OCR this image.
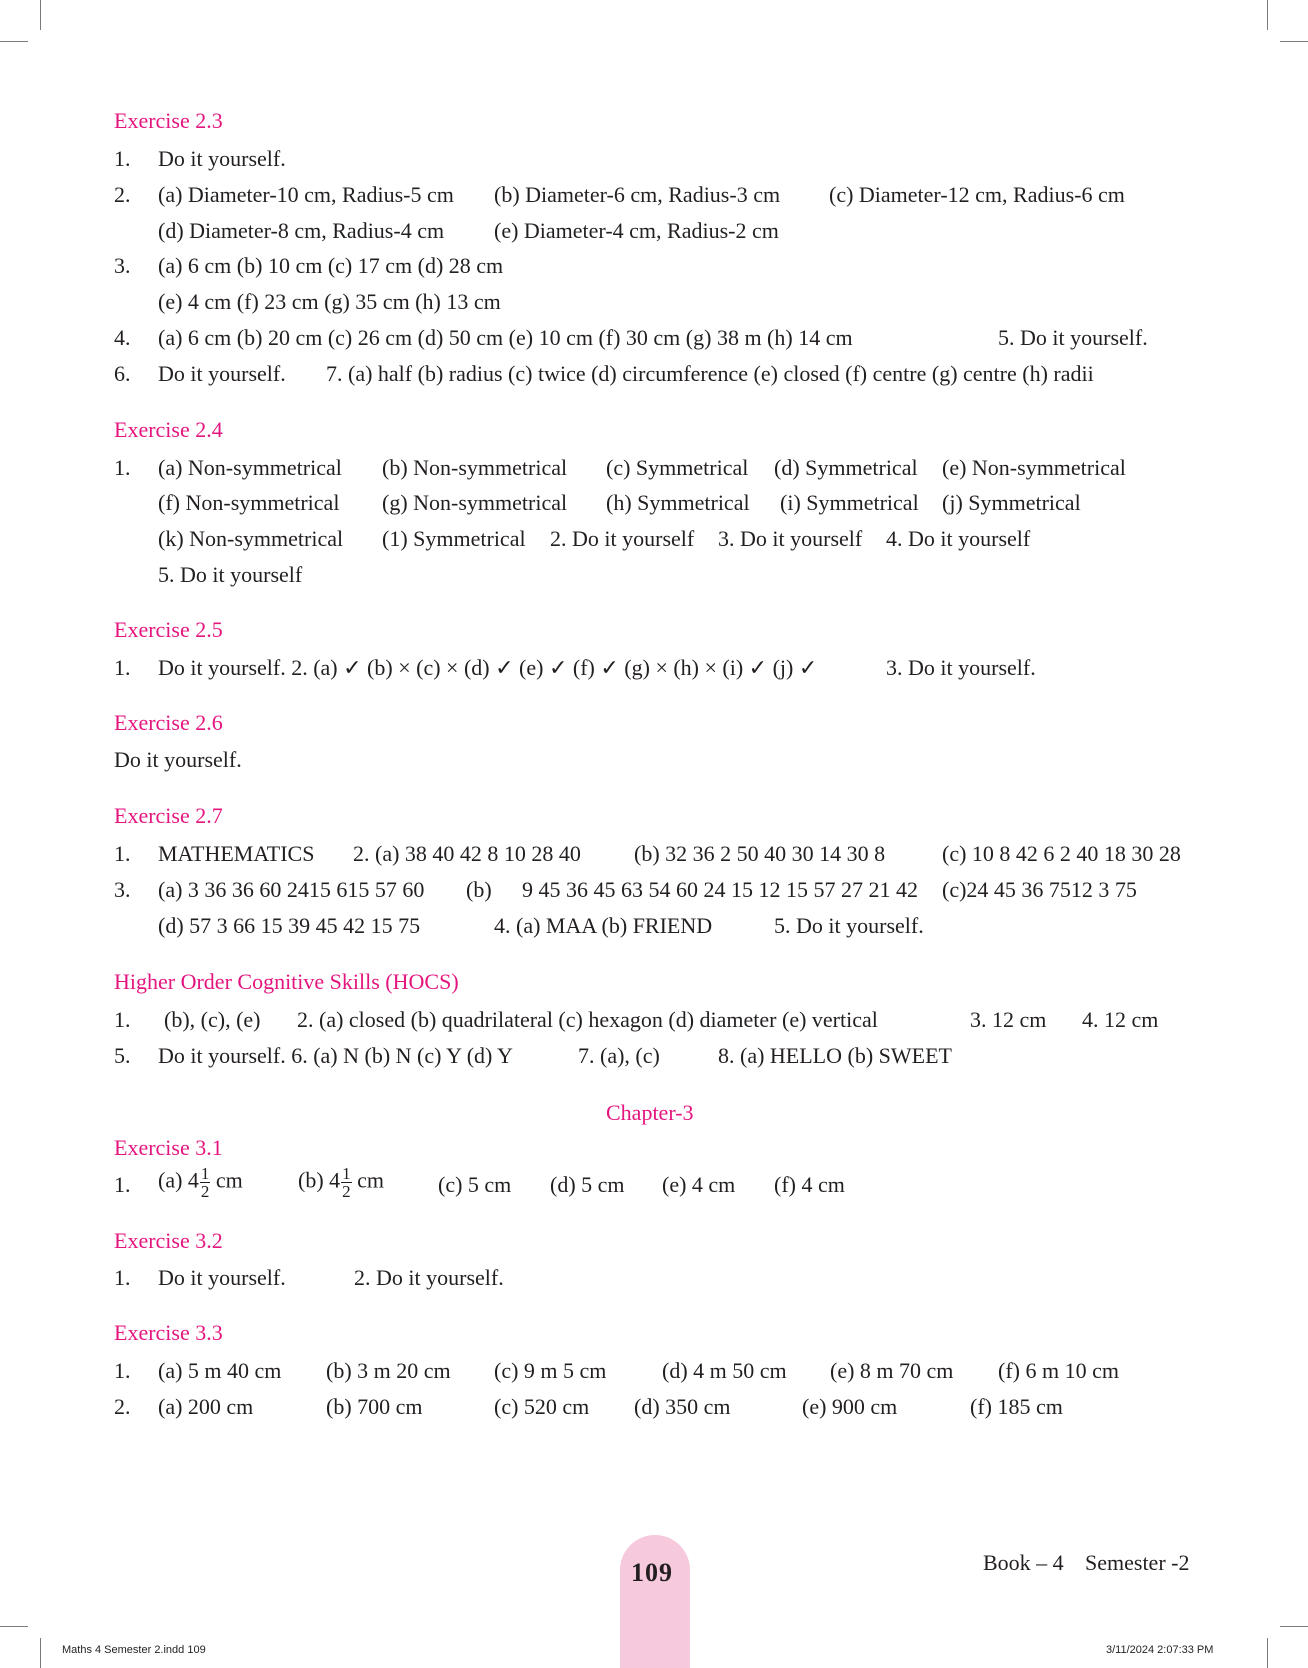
Exercise 2.3
1. Do it yourself.
2. (a) Diameter-10 cm, Radius-5 cm (b) Diameter-6 cm, Radius-3 cm (c) Diameter-12 cm, Radius-6 cm
(d) Diameter-8 cm, Radius-4 cm (e) Diameter-4 cm, Radius-2 cm
3. (a) 6 cm (b) 10 cm (c) 17 cm (d) 28 cm
(e) 4 cm (f) 23 cm (g) 35 cm (h) 13 cm
4. (a) 6 cm (b) 20 cm (c) 26 cm (d) 50 cm (e) 10 cm (f) 30 cm (g) 38 m (h) 14 cm	5. Do it yourself.
6. Do it yourself. 7. (a) half (b) radius (c) twice (d) circumference (e) closed (f) centre (g) centre (h) radii
Exercise 2.4
1. (a) Non-symmetrical (b) Non-symmetrical (c) Symmetrical (d) Symmetrical (e) Non-symmetrical
(f) Non-symmetrical (g) Non-symmetrical (h) Symmetrical (i) Symmetrical (j) Symmetrical
(k) Non-symmetrical (1) Symmetrical 2. Do it yourself 3. Do it yourself 4. Do it yourself
5. Do it yourself
Exercise 2.5
1. Do it yourself. 2. (a) ✓ (b) × (c) × (d) ✓ (e) ✓ (f) ✓ (g) × (h) × (i) ✓ (j) ✓	3. Do it yourself.
Exercise 2.6
Do it yourself.
Exercise 2.7
1. MATHEMATICS 2. (a) 38 40 42 8 10 28 40 (b) 32 36 2 50 40 30 14 30 8	(c) 10 8 42 6 2 40 18 30 28
3. (a) 3 36 36 60 2415 615 57 60 (b) 9 45 36 45 63 54 60 24 15 12 15 57 27 21 42 (c)24 45 36 7512 3 75
(d) 57 3 66 15 39 45 42 15 75	4. (a) MAA (b) FRIEND	5. Do it yourself.
Higher Order Cognitive Skills (HOCS)
1. (b), (c), (e) 2. (a) closed (b) quadrilateral (c) hexagon (d) diameter (e) vertical	3. 12 cm 4. 12 cm
5. Do it yourself. 6. (a) N (b) N (c) Y (d) Y	7. (a), (c)	8. (a) HELLO (b) SWEET
Chapter-3
Exercise 3.1
1. (a) $4 \frac{1}{2}$ cm	(b) $4 \frac{1}{2}$ cm (c) 5 cm (d) 5 cm (e) 4 cm (f) 4 cm
Exercise 3.2
1. Do it yourself.	2. Do it yourself.
Exercise 3.3
1. (a) 5 m 40 cm (b) 3 m 20 cm (c) 9 m 5 cm	(d) 4 m 50 cm (e) 8 m 70 cm (f) 6 m 10 cm
2. (a) 200 cm	(b) 700 cm	(c) 520 cm (d) 350 cm	(e) 900 cm	(f) 185 cm
109	Book – 4 Semester -2
Maths 4 Semester 2.indd 109	3/11/2024 2:07:33 PM
